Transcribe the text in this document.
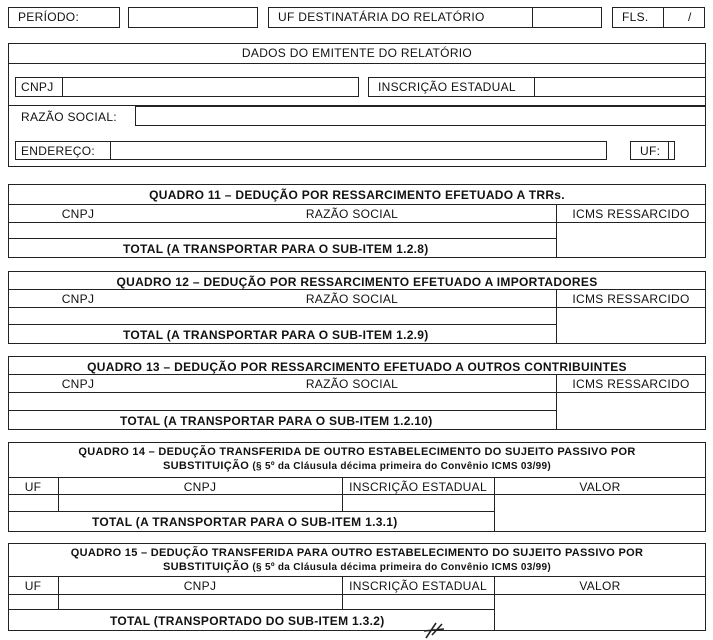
PERÍODO:	UF DESTINATÁRIA DO RELATÓRIO	FLS.	/
DADOS DO EMITENTE DO RELATÓRIO
CNPJ	INSCRIÇÃO ESTADUAL
RAZÃO SOCIAL:
ENDEREÇO:	UF:
QUADRO 11 – DEDUÇÃO POR RESSARCIMENTO EFETUADO A TRRs.
CNPJ	RAZÃO SOCIAL	ICMS RESSARCIDO
TOTAL (A TRANSPORTAR PARA O SUB-ITEM 1.2.8)
QUADRO 12 – DEDUÇÃO POR RESSARCIMENTO EFETUADO A IMPORTADORES
CNPJ	RAZÃO SOCIAL	ICMS RESSARCIDO
TOTAL (A TRANSPORTAR PARA O SUB-ITEM 1.2.9)
QUADRO 13 – DEDUÇÃO POR RESSARCIMENTO EFETUADO A OUTROS CONTRIBUINTES
CNPJ	RAZÃO SOCIAL	ICMS RESSARCIDO
TOTAL (A TRANSPORTAR PARA O SUB-ITEM 1.2.10)
QUADRO 14 – DEDUÇÃO TRANSFERIDA DE OUTRO ESTABELECIMENTO DO SUJEITO PASSIVO POR
SUBSTITUIÇÃO (§ 5º da Cláusula décima primeira do Convênio ICMS 03/99)
UF	CNPJ	INSCRIÇÃO ESTADUAL	VALOR
TOTAL (A TRANSPORTAR PARA O SUB-ITEM 1.3.1)
QUADRO 15 – DEDUÇÃO TRANSFERIDA PARA OUTRO ESTABELECIMENTO DO SUJEITO PASSIVO POR
SUBSTITUIÇÃO (§ 5º da Cláusula décima primeira do Convênio ICMS 03/99)
UF	CNPJ	INSCRIÇÃO ESTADUAL	VALOR
TOTAL (TRANSPORTADO DO SUB-ITEM 1.3.2)
